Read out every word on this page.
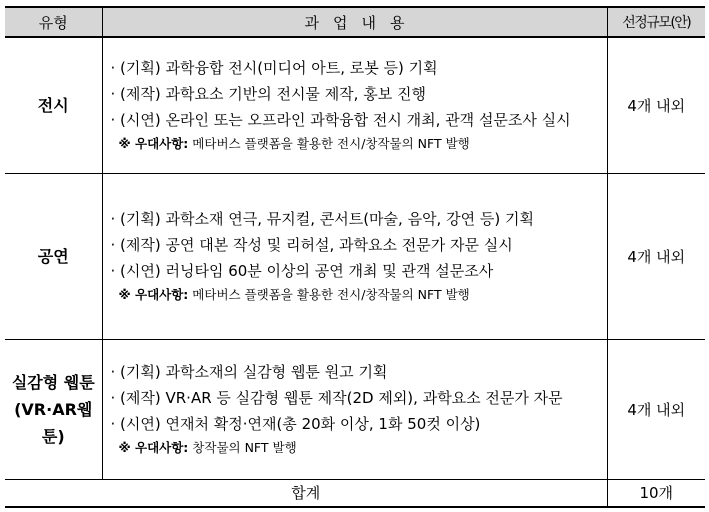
유형	과업내용	선정규모(안)
전시	· (기획) 과학융합 전시(미디어 아트, 로봇 등) 기획
· (제작) 과학요소 기반의 전시물 제작, 홍보 진행
· (시연) 온라인 또는 오프라인 과학융합 전시 개최, 관객 설문조사 실시
※ 우대사항: 메타버스 플랫폼을 활용한 전시/창작물의 NFT 발행	4개 내외
공연	· (기획) 과학소재 연극, 뮤지컬, 콘서트(마술, 음악, 강연 등) 기획
· (제작) 공연 대본 작성 및 리허설, 과학요소 전문가 자문 실시
· (시연) 러닝타임 60분 이상의 공연 개최 및 관객 설문조사
※ 우대사항: 메타버스 플랫폼을 활용한 전시/창작물의 NFT 발행	4개 내외
실감형 웹툰 (VR·AR웹툰)	· (기획) 과학소재의 실감형 웹툰 원고 기획
· (제작) VR·AR 등 실감형 웹툰 제작(2D 제외), 과학요소 전문가 자문
· (시연) 연재처 확정·연재(총 20화 이상, 1화 50컷 이상)
※ 우대사항: 창작물의 NFT 발행	4개 내외
합계		10개
